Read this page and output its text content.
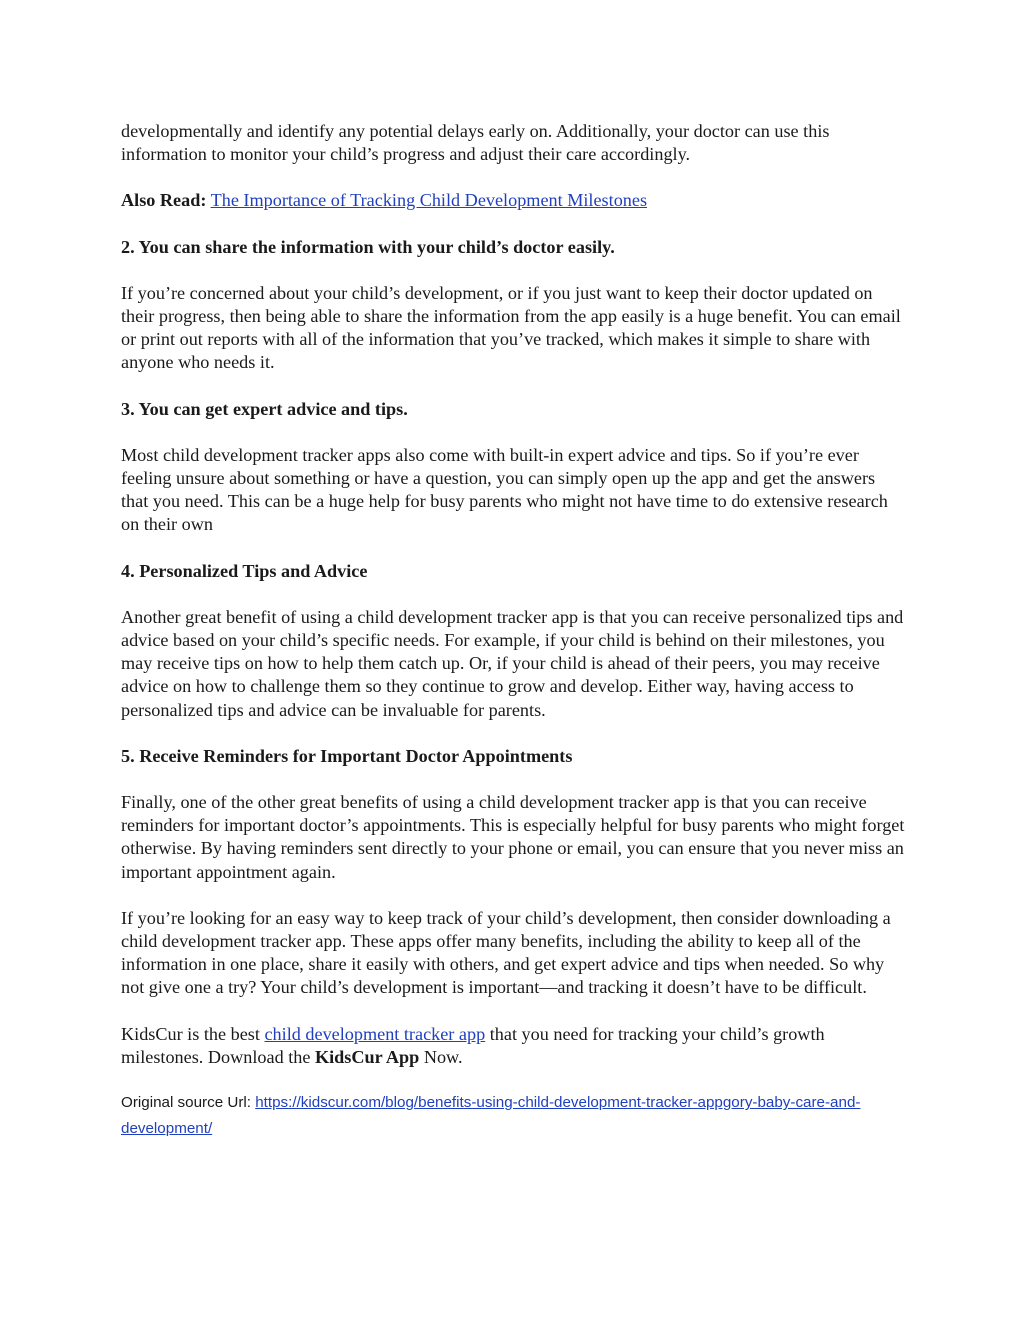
developmentally and identify any potential delays early on. Additionally, your doctor can use this information to monitor your child’s progress and adjust their care accordingly.

Also Read: The Importance of Tracking Child Development Milestones

2. You can share the information with your child’s doctor easily.

If you’re concerned about your child’s development, or if you just want to keep their doctor updated on their progress, then being able to share the information from the app easily is a huge benefit. You can email or print out reports with all of the information that you’ve tracked, which makes it simple to share with anyone who needs it.

3. You can get expert advice and tips.

Most child development tracker apps also come with built-in expert advice and tips. So if you’re ever feeling unsure about something or have a question, you can simply open up the app and get the answers that you need. This can be a huge help for busy parents who might not have time to do extensive research on their own

4. Personalized Tips and Advice

Another great benefit of using a child development tracker app is that you can receive personalized tips and advice based on your child’s specific needs. For example, if your child is behind on their milestones, you may receive tips on how to help them catch up. Or, if your child is ahead of their peers, you may receive advice on how to challenge them so they continue to grow and develop. Either way, having access to personalized tips and advice can be invaluable for parents.

5. Receive Reminders for Important Doctor Appointments

Finally, one of the other great benefits of using a child development tracker app is that you can receive reminders for important doctor’s appointments. This is especially helpful for busy parents who might forget otherwise. By having reminders sent directly to your phone or email, you can ensure that you never miss an important appointment again.

If you’re looking for an easy way to keep track of your child’s development, then consider downloading a child development tracker app. These apps offer many benefits, including the ability to keep all of the information in one place, share it easily with others, and get expert advice and tips when needed. So why not give one a try? Your child’s development is important—and tracking it doesn’t have to be difficult.

KidsCur is the best child development tracker app that you need for tracking your child’s growth milestones. Download the KidsCur App Now.

Original source Url: https://kidscur.com/blog/benefits-using-child-development-tracker-appgory-baby-care-and-development/
